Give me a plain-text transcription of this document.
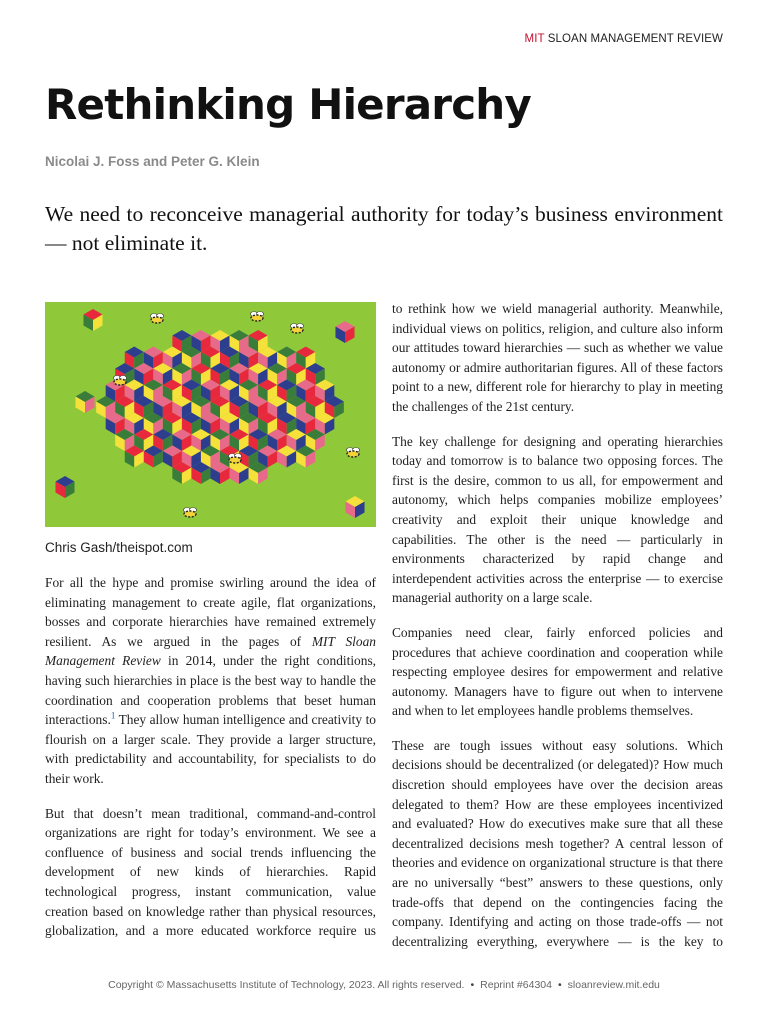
MIT SLOAN MANAGEMENT REVIEW
Rethinking Hierarchy
Nicolai J. Foss and Peter G. Klein
We need to reconceive managerial authority for today’s business environment — not eliminate it.
Chris Gash/theispot.com

For all the hype and promise swirling around the idea of eliminating management to create agile, flat organizations, bosses and corporate hierarchies have remained extremely resilient. As we argued in the pages of MIT Sloan Management Review in 2014, under the right conditions, having such hierarchies in place is the best way to handle the coordination and cooperation problems that beset human interactions.$^1$ They allow human intelligence and creativity to flourish on a larger scale. They provide a larger structure, with predictability and accountability, for specialists to do their work.

But that doesn’t mean traditional, command-and-control organizations are right for today’s environment. We see a confluence of business and social trends influencing the development of new kinds of hierarchies. Rapid technological progress, instant communication, value creation based on knowledge rather than physical resources, globalization, and a more educated workforce require us

to rethink how we wield managerial authority. Meanwhile, individual views on politics, religion, and culture also inform our attitudes toward hierarchies — such as whether we value autonomy or admire authoritarian figures. All of these factors point to a new, different role for hierarchy to play in meeting the challenges of the 21st century.

The key challenge for designing and operating hierarchies today and tomorrow is to balance two opposing forces. The first is the desire, common to us all, for empowerment and autonomy, which helps companies mobilize employees’ creativity and exploit their unique knowledge and capabilities. The other is the need — particularly in environments characterized by rapid change and interdependent activities across the enterprise — to exercise managerial authority on a large scale.

Companies need clear, fairly enforced policies and procedures that achieve coordination and cooperation while respecting employee desires for empowerment and relative autonomy. Managers have to figure out when to intervene and when to let employees handle problems themselves.

These are tough issues without easy solutions. Which decisions should be decentralized (or delegated)? How much discretion should employees have over the decision areas delegated to them? How are these employees incentivized and evaluated? How do executives make sure that all these decentralized decisions mesh together? A central lesson of theories and evidence on organizational structure is that there are no universally “best” answers to these questions, only trade-offs that depend on the contingencies facing the company. Identifying and acting on those trade-offs — not decentralizing everything, everywhere — is the key to

Copyright © Massachusetts Institute of Technology, 2023. All rights reserved. • Reprint #64304 • sloanreview.mit.edu
